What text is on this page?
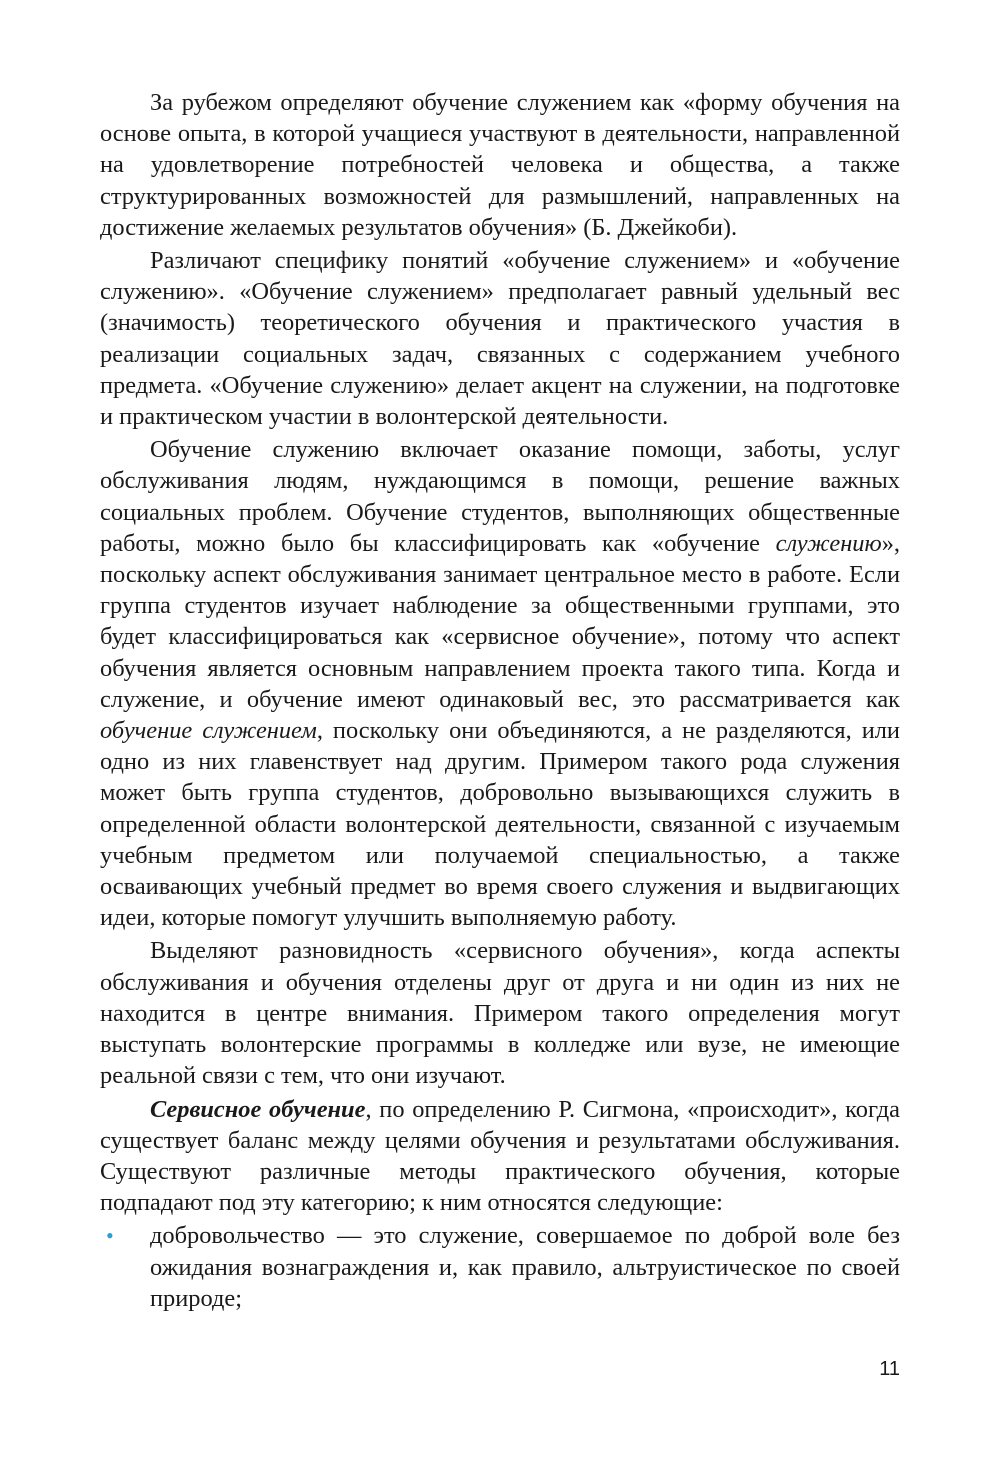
За рубежом определяют обучение служением как «форму обучения на основе опыта, в которой учащиеся участвуют в деятельности, направленной на удовлетворение потребностей человека и общества, а также структурированных возможностей для размышлений, направленных на достижение желаемых результатов обучения» (Б. Джейкоби).

Различают специфику понятий «обучение служением» и «обучение служению». «Обучение служением» предполагает равный удельный вес (значимость) теоретического обучения и практического участия в реализации социальных задач, связанных с содержанием учебного предмета. «Обучение служению» делает акцент на служении, на подготовке и практическом участии в волонтерской деятельности.

Обучение служению включает оказание помощи, заботы, услуг обслуживания людям, нуждающимся в помощи, решение важных социальных проблем. Обучение студентов, выполняющих общественные работы, можно было бы классифицировать как «обучение служению», поскольку аспект обслуживания занимает центральное место в работе. Если группа студентов изучает наблюдение за общественными группами, это будет классифицироваться как «сервисное обучение», потому что аспект обучения является основным направлением проекта такого типа. Когда и служение, и обучение имеют одинаковый вес, это рассматривается как обучение служением, поскольку они объединяются, а не разделяются, или одно из них главенствует над другим. Примером такого рода служения может быть группа студентов, добровольно вызывающихся служить в определенной области волонтерской деятельности, связанной с изучаемым учебным предметом или получаемой специальностью, а также осваивающих учебный предмет во время своего служения и выдвигающих идеи, которые помогут улучшить выполняемую работу.

Выделяют разновидность «сервисного обучения», когда аспекты обслуживания и обучения отделены друг от друга и ни один из них не находится в центре внимания. Примером такого определения могут выступать волонтерские программы в колледже или вузе, не имеющие реальной связи с тем, что они изучают.

Сервисное обучение, по определению Р. Сигмона, «происходит», когда существует баланс между целями обучения и результатами обслуживания. Существуют различные методы практического обучения, которые подпадают под эту категорию; к ним относятся следующие:

• добровольчество — это служение, совершаемое по доброй воле без ожидания вознаграждения и, как правило, альтруистическое по своей природе;
11
